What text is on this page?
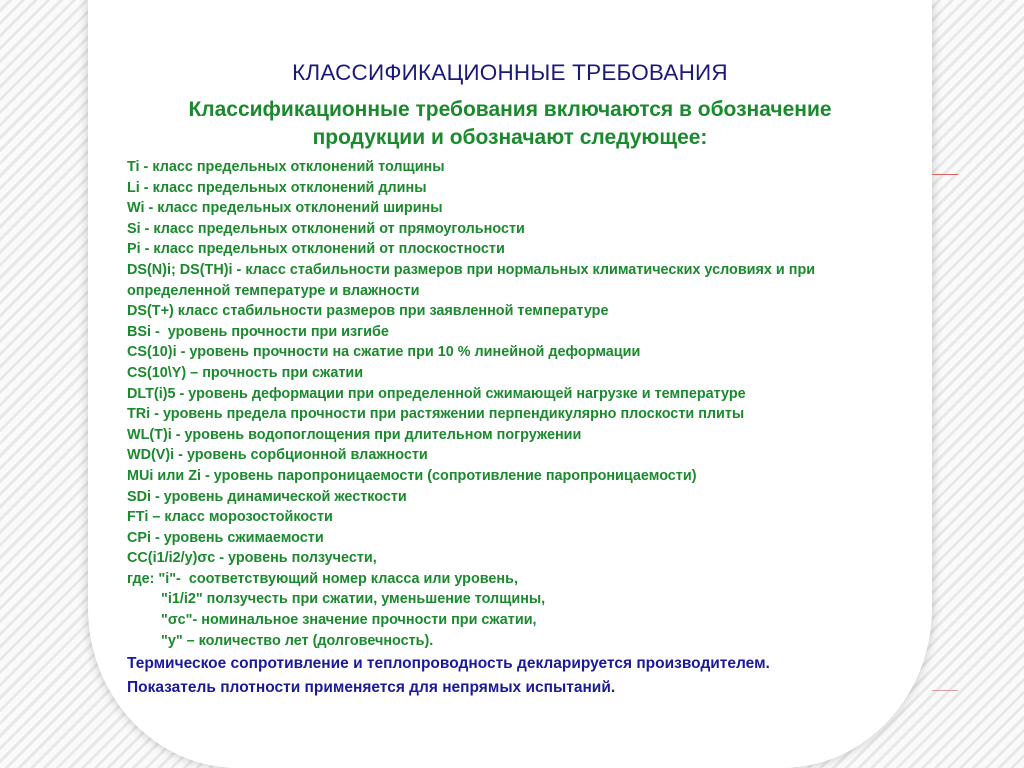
КЛАССИФИКАЦИОННЫЕ ТРЕБОВАНИЯ
Классификационные требования включаются в обозначение
продукции и обозначают следующее:
Ti - класс предельных отклонений толщины
Li - класс предельных отклонений длины
Wi - класс предельных отклонений ширины
Si - класс предельных отклонений от прямоугольности
Pi - класс предельных отклонений от плоскостности
DS(N)i; DS(TH)i - класс стабильности размеров при нормальных климатических условиях и при
определенной температуре и влажности
DS(T+) класс стабильности размеров при заявленной температуре
BSi -  уровень прочности при изгибе
CS(10)i - уровень прочности на сжатие при 10 % линейной деформации
CS(10\Y) – прочность при сжатии
DLT(i)5 - уровень деформации при определенной сжимающей нагрузке и температуре
TRi - уровень предела прочности при растяжении перпендикулярно плоскости плиты
WL(T)i - уровень водопоглощения при длительном погружении
WD(V)i - уровень сорбционной влажности
MUi или Zi - уровень паропроницаемости (сопротивление паропроницаемости)
SDi - уровень динамической жесткости
FTi – класс морозостойкости
CPi - уровень сжимаемости
CC(i1/i2/y)σc - уровень ползучести,
где: "i"- соответствующий номер класса или уровень,
"i1/i2" ползучесть при сжатии, уменьшение толщины,
"σc"- номинальное значение прочности при сжатии,
"y" – количество лет (долговечность).
Термическое сопротивление и теплопроводность декларируется производителем.
Показатель плотности применяется для непрямых испытаний.
